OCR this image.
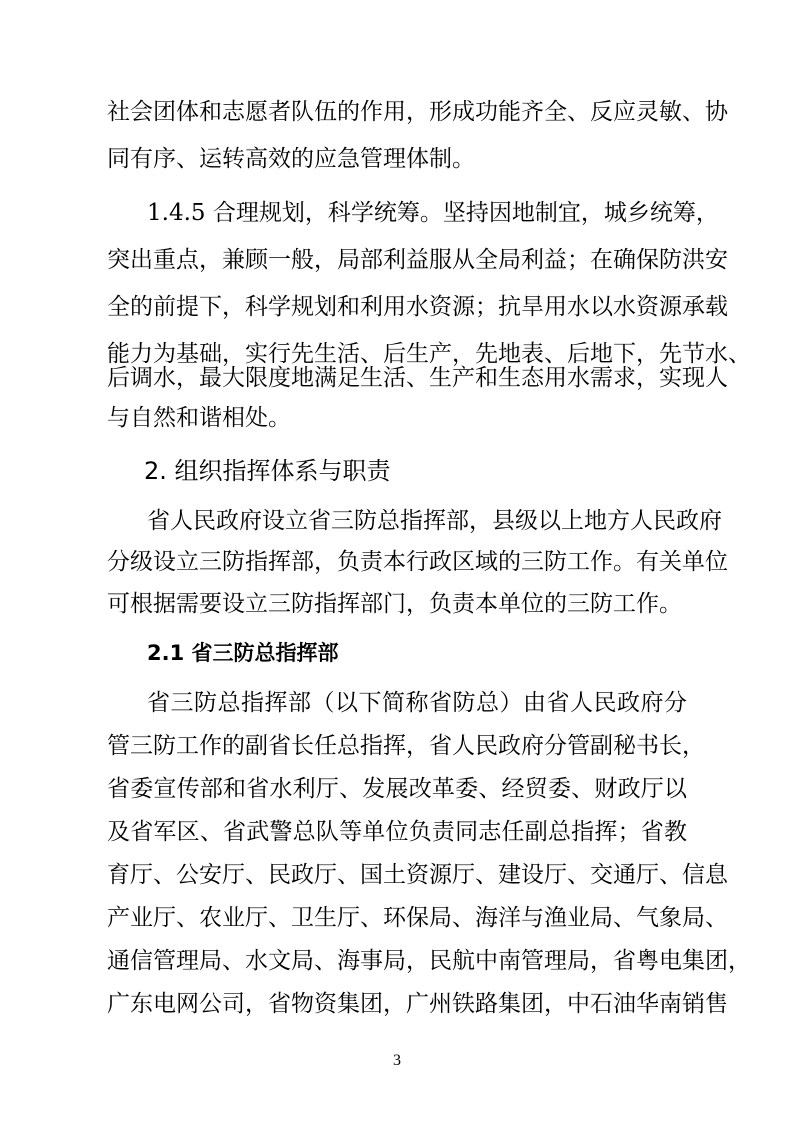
社会团体和志愿者队伍的作用，形成功能齐全、反应灵敏、协
同有序、运转高效的应急管理体制。
1.4.5 合理规划，科学统筹。坚持因地制宜，城乡统筹，
突出重点，兼顾一般，局部利益服从全局利益；在确保防洪安
全的前提下，科学规划和利用水资源；抗旱用水以水资源承载
能力为基础，实行先生活、后生产，先地表、后地下，先节水、
后调水，最大限度地满足生活、生产和生态用水需求，实现人
与自然和谐相处。
2. 组织指挥体系与职责
省人民政府设立省三防总指挥部，县级以上地方人民政府
分级设立三防指挥部，负责本行政区域的三防工作。有关单位
可根据需要设立三防指挥部门，负责本单位的三防工作。
2.1 省三防总指挥部
省三防总指挥部（以下简称省防总）由省人民政府分
管三防工作的副省长任总指挥，省人民政府分管副秘书长，
省委宣传部和省水利厅、发展改革委、经贸委、财政厅以
及省军区、省武警总队等单位负责同志任副总指挥；省教
育厅、公安厅、民政厅、国土资源厅、建设厅、交通厅、信息
产业厅、农业厅、卫生厅、环保局、海洋与渔业局、气象局、
通信管理局、水文局、海事局，民航中南管理局，省粤电集团，
广东电网公司，省物资集团，广州铁路集团，中石油华南销售
3
